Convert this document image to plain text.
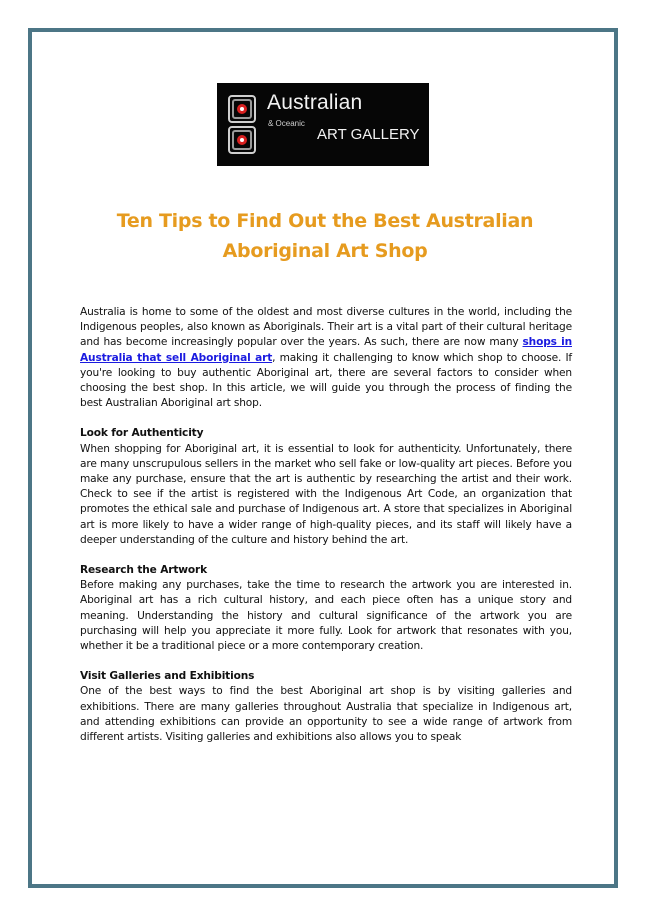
Australian
& Oceanic
ART GALLERY
Ten Tips to Find Out the Best Australian
Aboriginal Art Shop

Australia is home to some of the oldest and most diverse cultures in the world, including the Indigenous peoples, also known as Aboriginals. Their art is a vital part of their cultural heritage and has become increasingly popular over the years. As such, there are now many shops in Australia that sell Aboriginal art, making it challenging to know which shop to choose. If you're looking to buy authentic Aboriginal art, there are several factors to consider when choosing the best shop. In this article, we will guide you through the process of finding the best Australian Aboriginal art shop.

Look for Authenticity

When shopping for Aboriginal art, it is essential to look for authenticity. Unfortunately, there are many unscrupulous sellers in the market who sell fake or low-quality art pieces. Before you make any purchase, ensure that the art is authentic by researching the artist and their work. Check to see if the artist is registered with the Indigenous Art Code, an organization that promotes the ethical sale and purchase of Indigenous art. A store that specializes in Aboriginal art is more likely to have a wider range of high-quality pieces, and its staff will likely have a deeper understanding of the culture and history behind the art.

Research the Artwork

Before making any purchases, take the time to research the artwork you are interested in. Aboriginal art has a rich cultural history, and each piece often has a unique story and meaning. Understanding the history and cultural significance of the artwork you are purchasing will help you appreciate it more fully. Look for artwork that resonates with you, whether it be a traditional piece or a more contemporary creation.

Visit Galleries and Exhibitions

One of the best ways to find the best Aboriginal art shop is by visiting galleries and exhibitions. There are many galleries throughout Australia that specialize in Indigenous art, and attending exhibitions can provide an opportunity to see a wide range of artwork from different artists. Visiting galleries and exhibitions also allows you to speak
